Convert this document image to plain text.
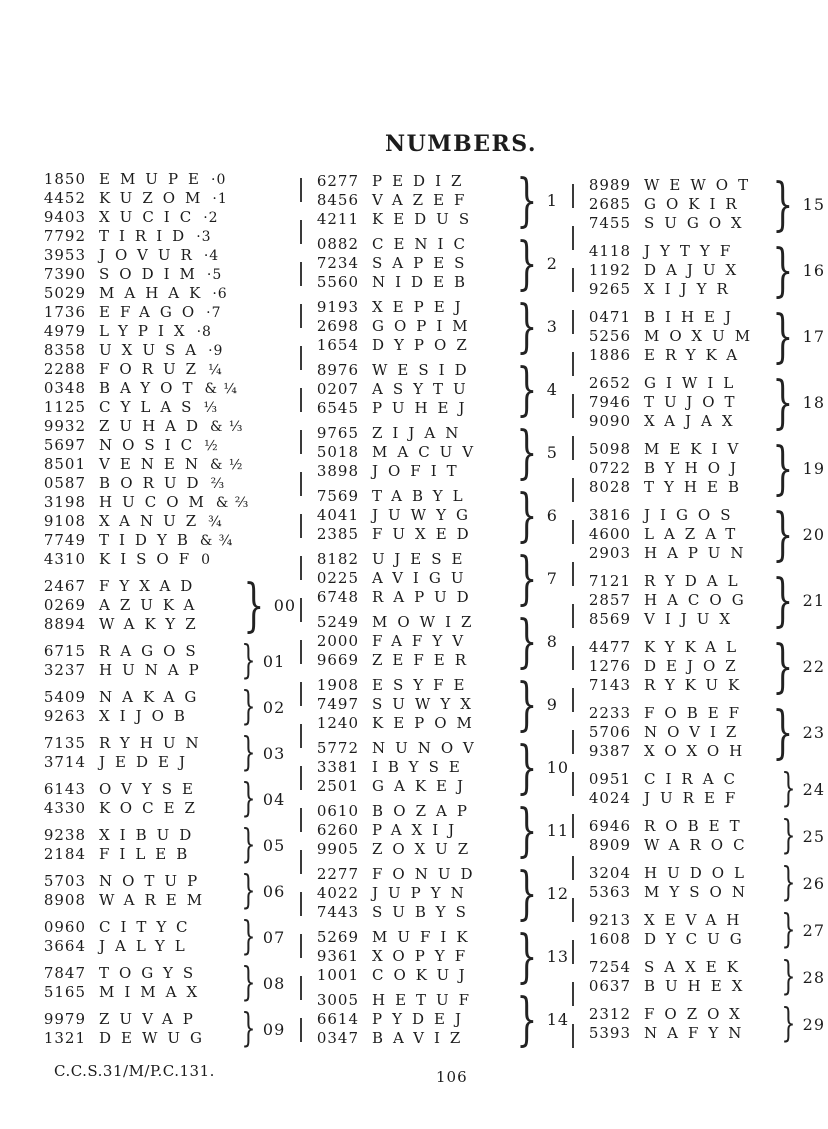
NUMBERS.
1850 EMUPE ·0
4452 KUZOM ·1
9403 XUCIC ·2
7792 TIRID ·3
3953 JOVUR ·4
7390 SODIM ·5
5029 MAHAK ·6
1736 EFAGO ·7
4979 LYPIX ·8
8358 UXUSA ·9
2288 FORUZ ¼
0348 BAYOT & ¼
1125 CYLAS ⅓
9932 ZUHAD & ⅓
5697 NOSIC ½
8501 VENEN & ½
0587 BORUD ⅔
3198 HUCOM & ⅔
9108 XANUZ ¾
7749 TIDYB & ¾
4310 KISOF 0
2467 FYXAD
0269 AZUKA
8894 WAKYZ
}
00
6715 RAGOS
3237 HUNAP }	01
5409 NAKAG
9263 XIJOB }	02
7135 RYHUN
3714 JEDEJ }	03
6143 OVYSE
4330 KOCEZ }	04
9238 XIBUD
2184 FILEB }	05
5703 NOTUP
8908 WAREM }	06
0960 CITYC
3664 JALYL }	07
7847 TOGYS
5165 MIMAX }	08
9979 ZUVAP
1321 DEWUG }	09
6277 PEDIZ
8456 VAZEF
4211 KEDUS
}
1
0882 CENIC
7234 SAPES
5560 NIDEB
}
2
9193 XEPEJ
2698 GOPIM
1654 DYPOZ
}
3
8976 WESID
0207 ASYTU
6545 PUHEJ
}
4
9765 ZIJAN
5018 MACUV
3898 JOFIT
}
5
7569 TABYL
4041 JUWYG
2385 FUXED
}
6
8182 UJESE
0225 AVIGU
6748 RAPUD
}
7
5249 MOWIZ
2000 FAFYV
9669 ZEFER
}
8
1908 ESYFE
7497 SUWYX
1240 KEPOM
}
9
5772 NUNOV
3381 IBYSE
2501 GAKEJ
}
10
0610 BOZAP
6260 PAXIJ
9905 ZOXUZ
}
11
2277 FONUD
4022 JUPYN
7443 SUBYS
}
12
5269 MUFIK
9361 XOPYF
1001 COKUJ
}
13
3005 HETUF
6614 PYDEJ
0347 BAVIZ
}
14
8989 WEWOT
2685 GOKIR
7455 SUGOX
}
15
4118 JYTYF
1192 DAJUX
9265 XIJYR
}
16
0471 BIHEJ
5256 MOXUM
1886 ERYKA
}
17
2652 GIWIL
7946 TUJOT
9090 XAJAX
}
18
5098 MEKIV
0722 BYHOJ
8028 TYHEB
}
19
3816 JIGOS
4600 LAZAT
2903 HAPUN
}
20
7121 RYDAL
2857 HACOG
8569 VIJUX
}
21
4477 KYKAL
1276 DEJOZ
7143 RYKUK
}
22
2233 FOBEF
5706 NOVIZ
9387 XOXOH
}
23
0951 CIRAC
4024 JUREF }	24
6946 ROBET
8909 WAROC }	25
3204 HUDOL
5363 MYSON }	26
9213 XEVAH
1608 DYCUG }	27
7254 SAXEK
0637 BUHEX }	28
2312 FOZOX
5393 NAFYN }	29
C.C.S.31/M/P.C.131.	106
